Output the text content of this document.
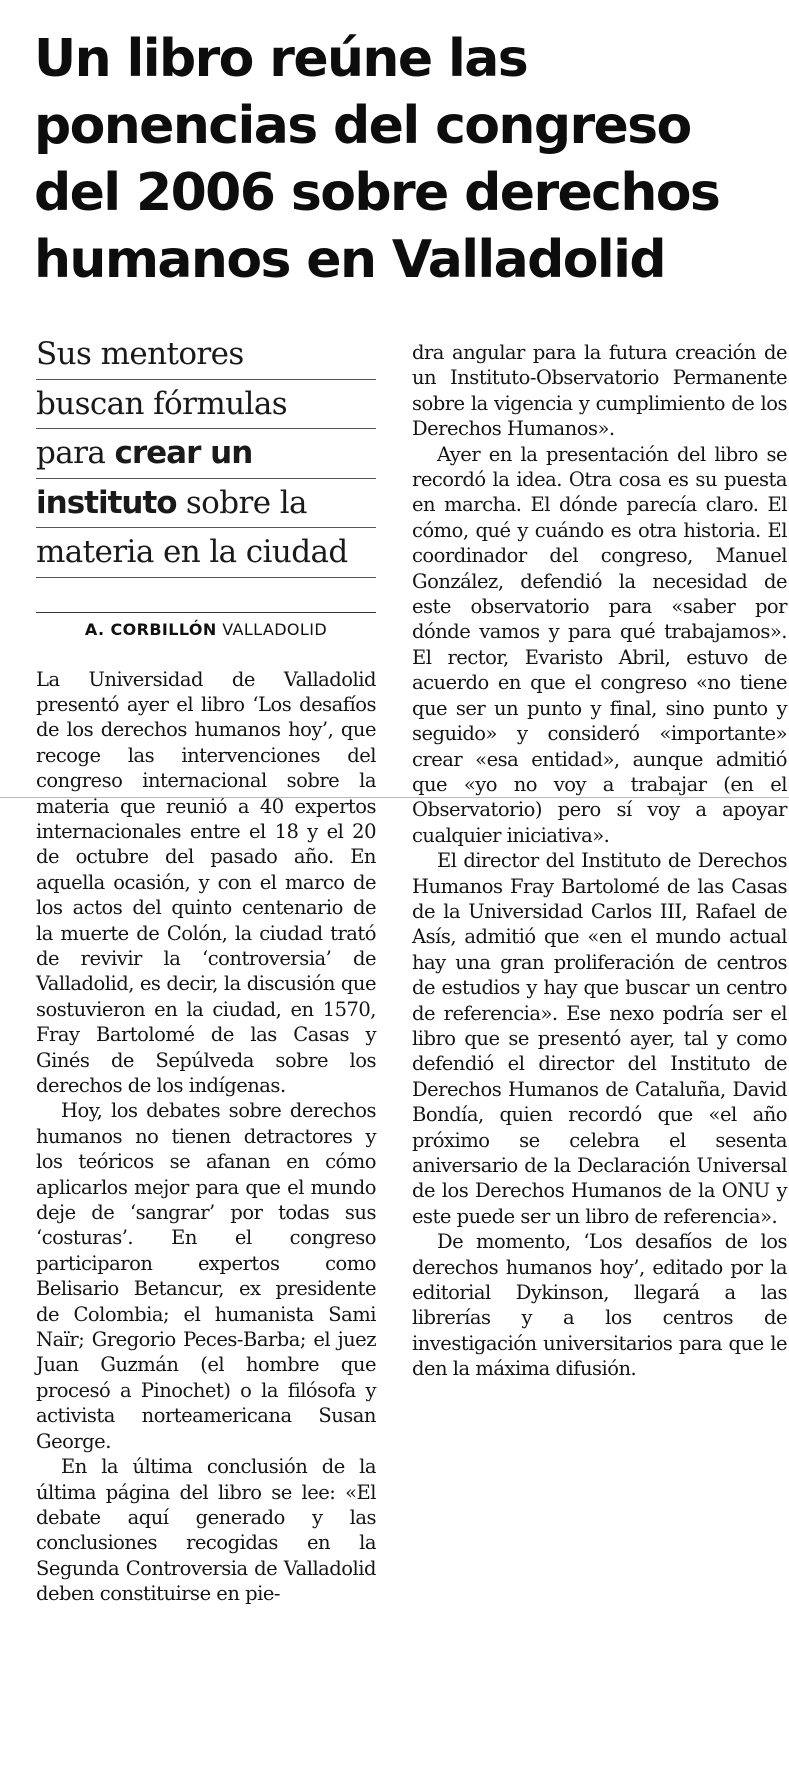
Un libro reúne las ponencias del congreso del 2006 sobre derechos humanos en Valladolid
Sus mentores
buscan fórmulas
para crear un
instituto sobre la
materia en la ciudad
A. CORBILLÓN VALLADOLID

La Universidad de Valladolid presentó ayer el libro ‘Los desafíos de los derechos humanos hoy’, que recoge las intervenciones del congreso internacional sobre la materia que reunió a 40 expertos internacionales entre el 18 y el 20 de octubre del pasado año. En aquella ocasión, y con el marco de los actos del quinto centenario de la muerte de Colón, la ciudad trató de revivir la ‘controversia’ de Valladolid, es decir, la discusión que sostuvieron en la ciudad, en 1570, Fray Bartolomé de las Casas y Ginés de Sepúlveda sobre los derechos de los indígenas.

Hoy, los debates sobre derechos humanos no tienen detractores y los teóricos se afanan en cómo aplicarlos mejor para que el mundo deje de ‘sangrar’ por todas sus ‘costuras’. En el congreso participaron expertos como Belisario Betancur, ex presidente de Colombia; el humanista Sami Naïr; Gregorio Peces-Barba; el juez Juan Guzmán (el hombre que procesó a Pinochet) o la filósofa y activista norteamericana Susan George.

En la última conclusión de la última página del libro se lee: «El debate aquí generado y las conclusiones recogidas en la Segunda Controversia de Valladolid deben constituirse en pie-

dra angular para la futura creación de un Instituto-Observatorio Permanente sobre la vigencia y cumplimiento de los Derechos Humanos».

Ayer en la presentación del libro se recordó la idea. Otra cosa es su puesta en marcha. El dónde parecía claro. El cómo, qué y cuándo es otra historia. El coordinador del congreso, Manuel González, defendió la necesidad de este observatorio para «saber por dónde vamos y para qué trabajamos». El rector, Evaristo Abril, estuvo de acuerdo en que el congreso «no tiene que ser un punto y final, sino punto y seguido» y consideró «importante» crear «esa entidad», aunque admitió que «yo no voy a trabajar (en el Observatorio) pero sí voy a apoyar cualquier iniciativa».

El director del Instituto de Derechos Humanos Fray Bartolomé de las Casas de la Universidad Carlos III, Rafael de Asís, admitió que «en el mundo actual hay una gran proliferación de centros de estudios y hay que buscar un centro de referencia». Ese nexo podría ser el libro que se presentó ayer, tal y como defendió el director del Instituto de Derechos Humanos de Cataluña, David Bondía, quien recordó que «el año próximo se celebra el sesenta aniversario de la Declaración Universal de los Derechos Humanos de la ONU y este puede ser un libro de referencia».

De momento, ‘Los desafíos de los derechos humanos hoy’, editado por la editorial Dykinson, llegará a las librerías y a los centros de investigación universitarios para que le den la máxima difusión.
